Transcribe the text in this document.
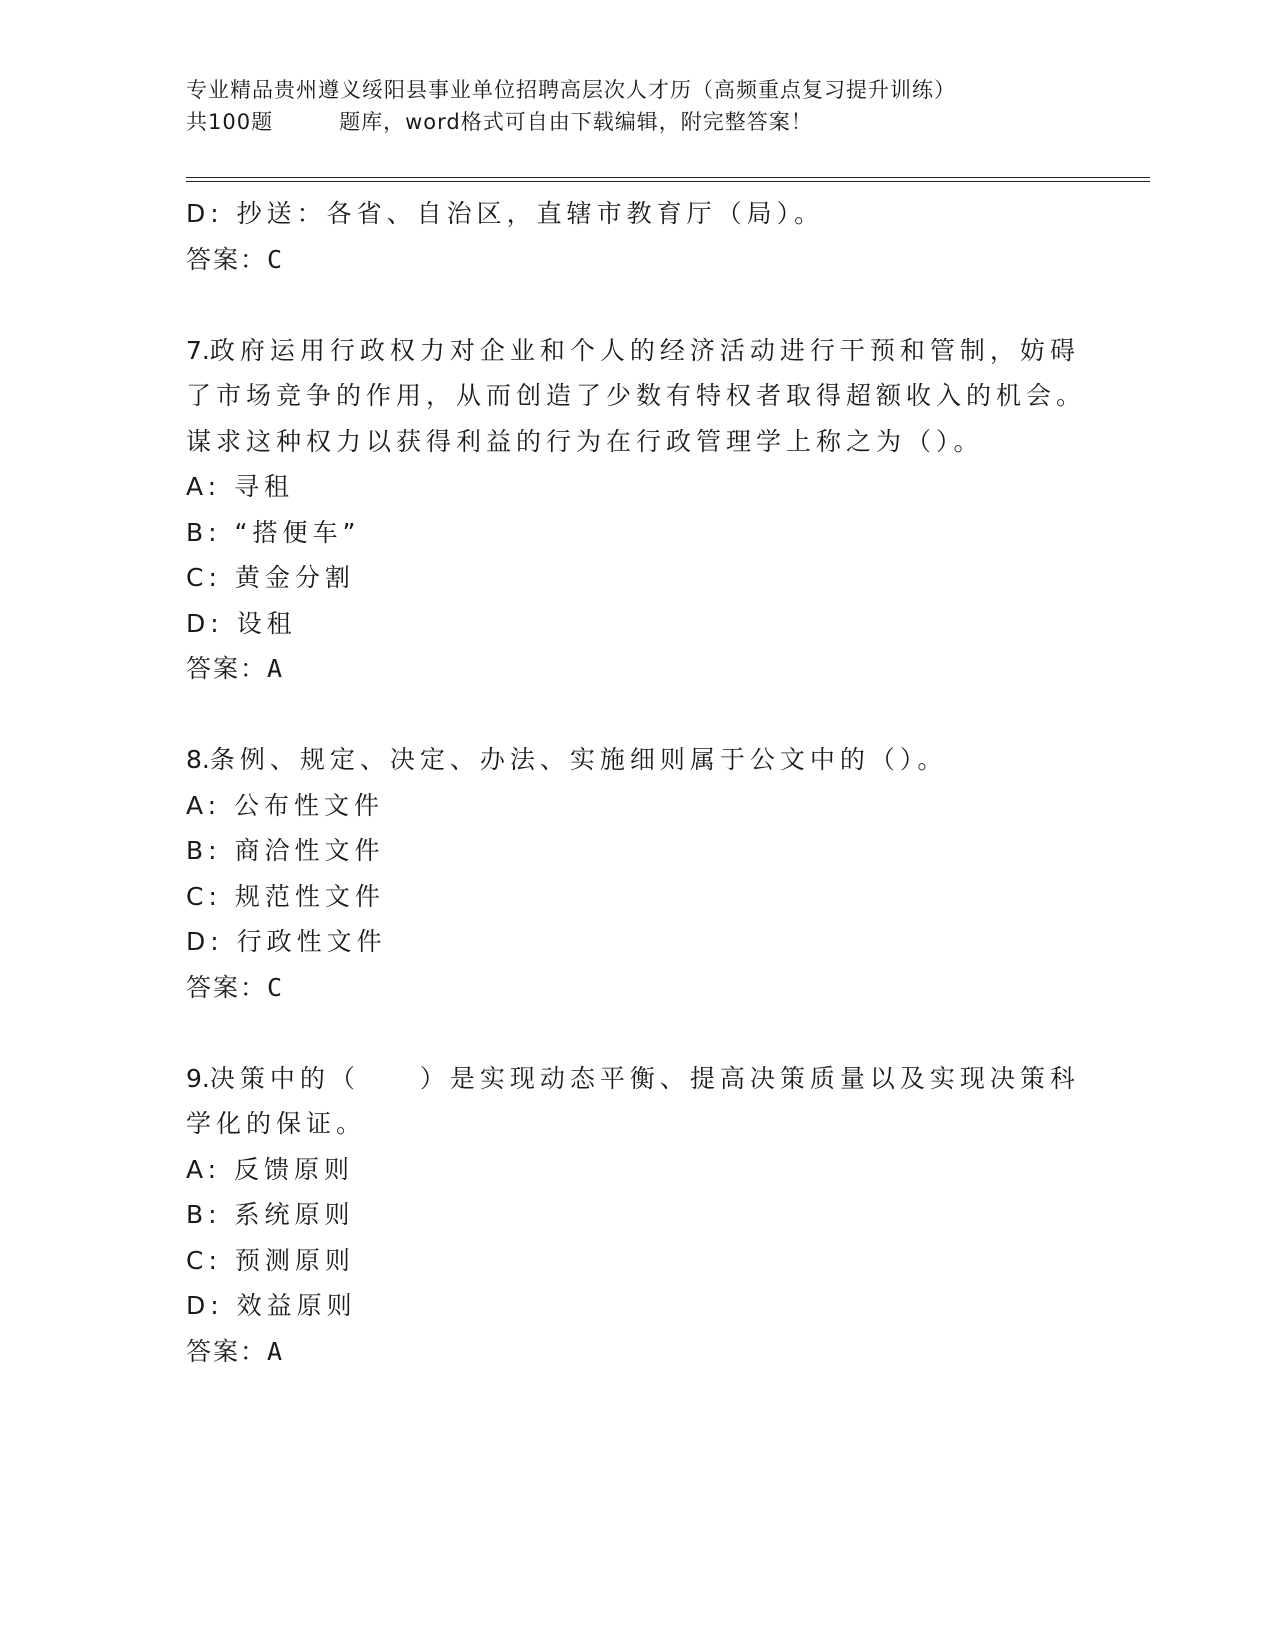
专业精品贵州遵义绥阳县事业单位招聘高层次人才历（高频重点复习提升训练）
共100题	题库，word格式可自由下载编辑，附完整答案！
D: 抄送：各省、自治区，直辖市教育厅（局）。
答案：C
7.政府运用行政权力对企业和个人的经济活动进行干预和管制，妨碍
了市场竞争的作用，从而创造了少数有特权者取得超额收入的机会。
谋求这种权力以获得利益的行为在行政管理学上称之为（）。
A: 寻租
B: “搭便车”
C: 黄金分割
D: 设租
答案：A
8.条例、规定、决定、办法、实施细则属于公文中的（）。
A: 公布性文件
B: 商洽性文件
C: 规范性文件
D: 行政性文件
答案：C
9.决策中的（　　）是实现动态平衡、提高决策质量以及实现决策科
学化的保证。
A: 反馈原则
B: 系统原则
C: 预测原则
D: 效益原则
答案：A
